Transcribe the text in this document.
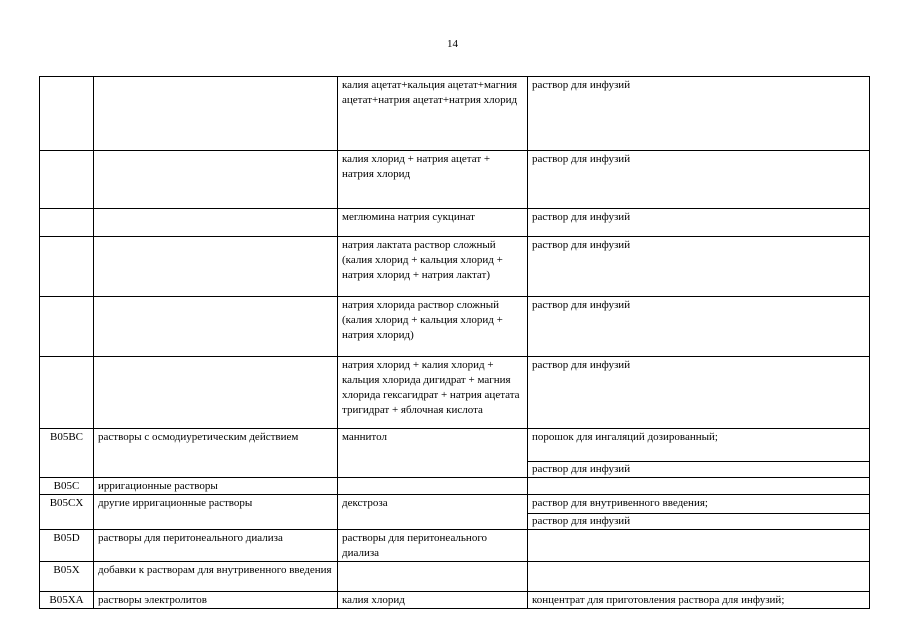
14
		калия ацетат+кальция ацетат+магния ацетат+натрия ацетат+натрия хлорид	раствор для инфузий

		калия хлорид + натрия ацетат + натрия хлорид	раствор для инфузий

		меглюмина натрия сукцинат	раствор для инфузий

		натрия лактата раствор сложный (калия хлорид + кальция хлорид + натрия хлорид + натрия лактат)	раствор для инфузий

		натрия хлорида раствор сложный (калия хлорид + кальция хлорид + натрия хлорид)	раствор для инфузий

		натрия хлорид + калия хлорид + кальция хлорида дигидрат + магния хлорида гексагидрат + натрия ацетата тригидрат + яблочная кислота	раствор для инфузий

B05BC	растворы с осмодиуретическим действием	маннитол	порошок для ингаляций дозированный;
раствор для инфузий

B05C	ирригационные растворы		

B05CX	другие ирригационные растворы	декстроза	раствор для внутривенного введения;
раствор для инфузий

B05D	растворы для перитонеального диализа	растворы для перитонеального диализа	

B05X	добавки к растворам для внутривенного введения		

B05XA	растворы электролитов	калия хлорид	концентрат для приготовления раствора для инфузий;
